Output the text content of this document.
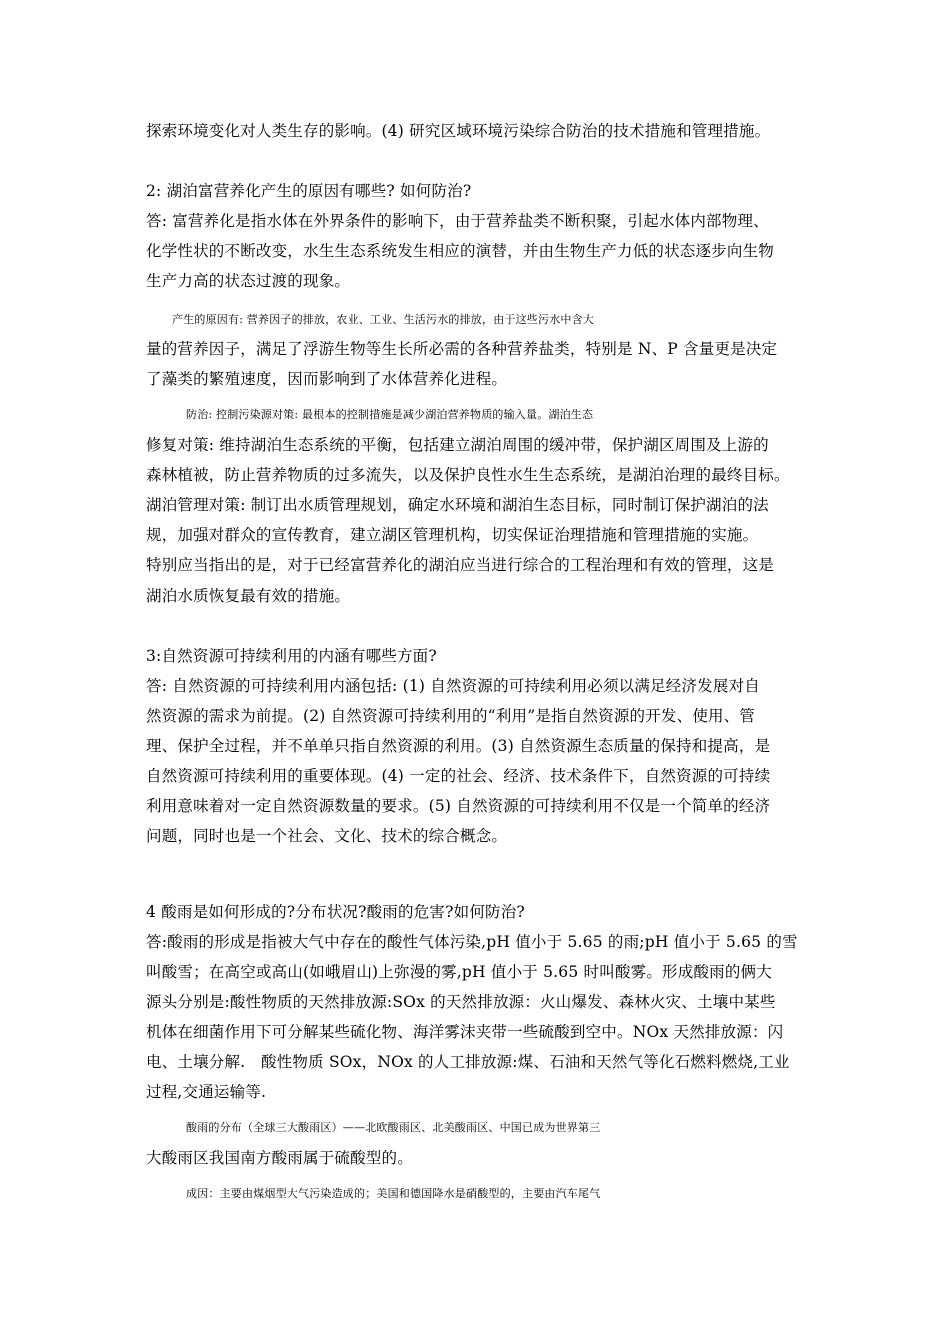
探索环境变化对人类生存的影响。(4) 研究区域环境污染综合防治的技术措施和管理措施。
2: 湖泊富营养化产生的原因有哪些? 如何防治?
答: 富营养化是指水体在外界条件的影响下，由于营养盐类不断积聚，引起水体内部物理、
化学性状的不断改变，水生生态系统发生相应的演替，并由生物生产力低的状态逐步向生物
生产力高的状态过渡的现象。
产生的原因有: 营养因子的排放，农业、工业、生活污水的排放，由于这些污水中含大
量的营养因子，满足了浮游生物等生长所必需的各种营养盐类，特别是 N、P 含量更是决定
了藻类的繁殖速度，因而影响到了水体营养化进程。
防治: 控制污染源对策: 最根本的控制措施是减少湖泊营养物质的输入量。湖泊生态
修复对策: 维持湖泊生态系统的平衡，包括建立湖泊周围的缓冲带，保护湖区周围及上游的
森林植被，防止营养物质的过多流失，以及保护良性水生生态系统，是湖泊治理的最终目标。
湖泊管理对策: 制订出水质管理规划，确定水环境和湖泊生态目标，同时制订保护湖泊的法
规，加强对群众的宣传教育，建立湖区管理机构，切实保证治理措施和管理措施的实施。
特别应当指出的是，对于已经富营养化的湖泊应当进行综合的工程治理和有效的管理，这是
湖泊水质恢复最有效的措施。
3:自然资源可持续利用的内涵有哪些方面?
答: 自然资源的可持续利用内涵包括: (1) 自然资源的可持续利用必须以满足经济发展对自
然资源的需求为前提。(2) 自然资源可持续利用的“利用”是指自然资源的开发、使用、管
理、保护全过程，并不单单只指自然资源的利用。(3) 自然资源生态质量的保持和提高，是
自然资源可持续利用的重要体现。(4) 一定的社会、经济、技术条件下，自然资源的可持续
利用意味着对一定自然资源数量的要求。(5) 自然资源的可持续利用不仅是一个简单的经济
问题，同时也是一个社会、文化、技术的综合概念。
4 酸雨是如何形成的?分布状况?酸雨的危害?如何防治?
答:酸雨的形成是指被大气中存在的酸性气体污染,pH 值小于 5.65 的雨;pH 值小于 5.65 的雪
叫酸雪；在高空或高山(如峨眉山)上弥漫的雾,pH 值小于 5.65 时叫酸雾。形成酸雨的俩大
源头分别是:酸性物质的天然排放源:SOx 的天然排放源：火山爆发、森林火灾、土壤中某些
机体在细菌作用下可分解某些硫化物、海洋雾沫夹带一些硫酸到空中。NOx 天然排放源：闪
电、土壤分解.　酸性物质 SOx，NOx 的人工排放源:煤、石油和天然气等化石燃料燃烧,工业
过程,交通运输等.
酸雨的分布（全球三大酸雨区）——北欧酸雨区、北美酸雨区、中国已成为世界第三
大酸雨区我国南方酸雨属于硫酸型的。
成因：主要由煤烟型大气污染造成的；美国和德国降水是硝酸型的，主要由汽车尾气
